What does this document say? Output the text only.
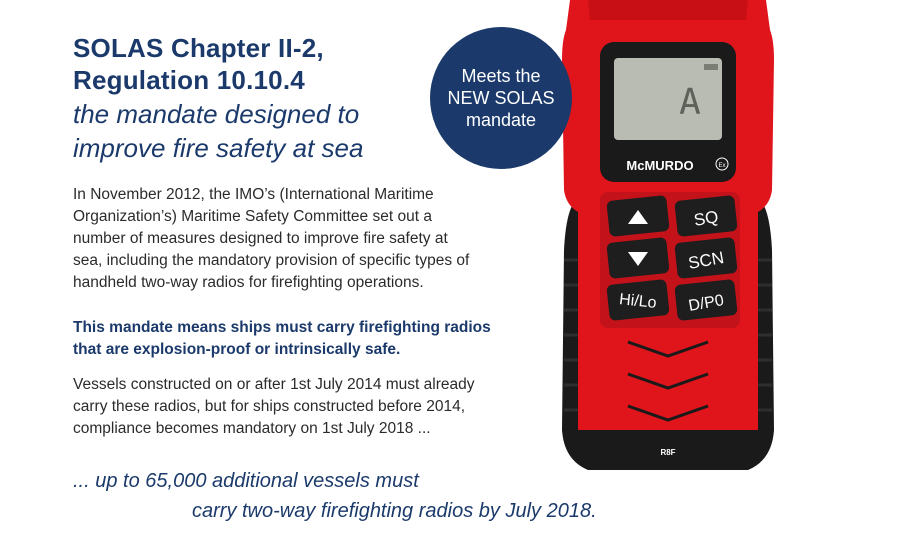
SOLAS Chapter II-2,
Regulation 10.10.4
the mandate designed to
improve fire safety at sea
In November 2012, the IMO’s (International Maritime
Organization’s) Maritime Safety Committee set out a
number of measures designed to improve fire safety at
sea, including the mandatory provision of specific types of
handheld two-way radios for firefighting operations.
This mandate means ships must carry firefighting radios
that are explosion-proof or intrinsically safe.
Vessels constructed on or after 1st July 2014 must already
carry these radios, but for ships constructed before 2014,
compliance becomes mandatory on 1st July 2018 ...
... up to 65,000 additional vessels must
carry two-way firefighting radios by July 2018.
Meets the
NEW SOLAS
mandate	A
McMURDO	Ex
SQ
SCN
Hi/Lo D/P0
R8F
